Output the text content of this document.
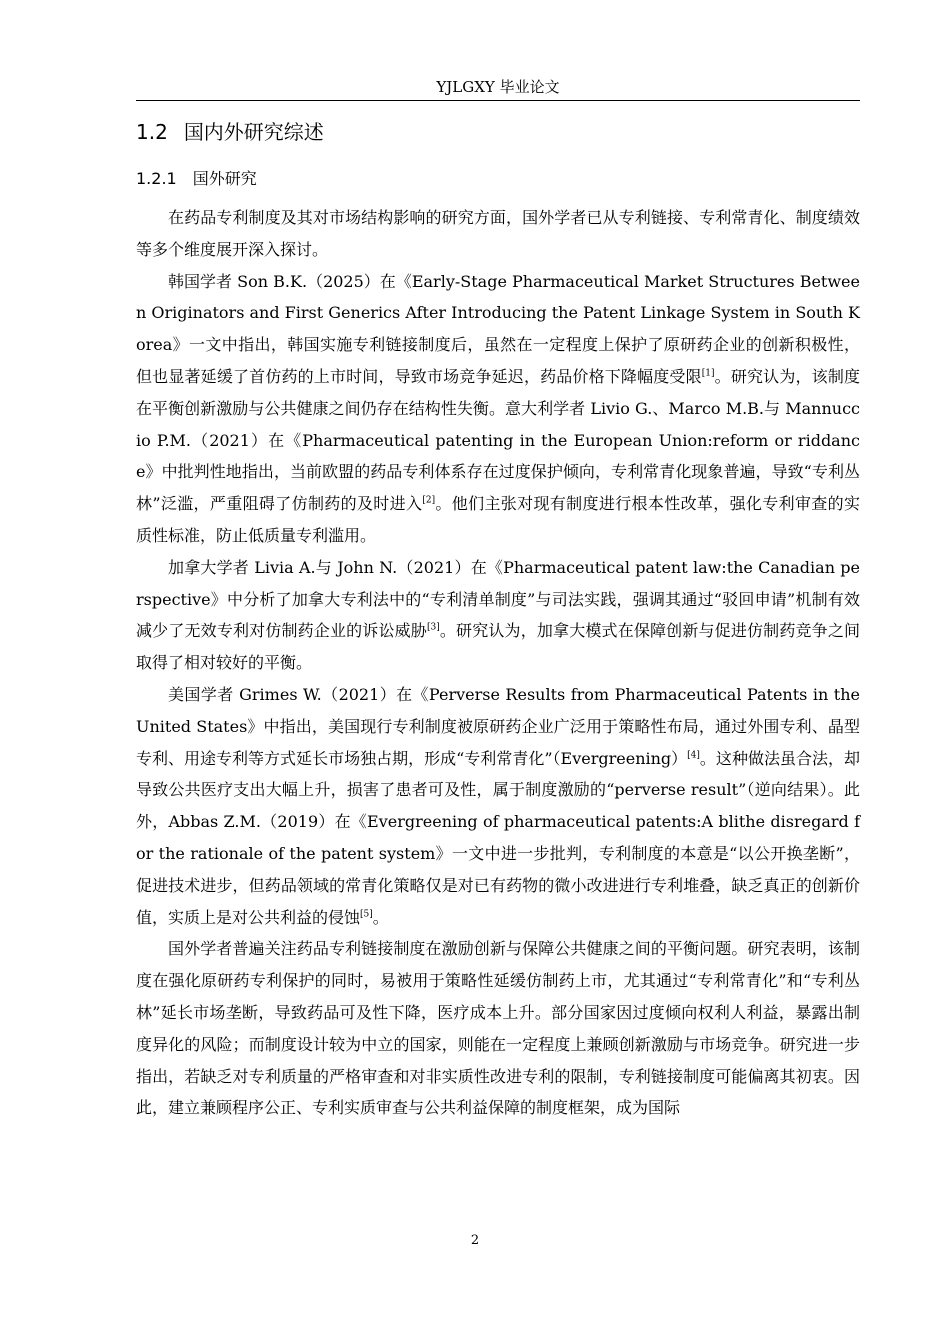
YJLGXY 毕业论文
1.2 国内外研究综述
1.2.1 国外研究

在药品专利制度及其对市场结构影响的研究方面，国外学者已从专利链接、专利常青化、制度绩效等多个维度展开深入探讨。

韩国学者 Son B.K.（2025）在《Early-Stage Pharmaceutical Market Structures Between Originators and First Generics After Introducing the Patent Linkage System in South Korea》一文中指出，韩国实施专利链接制度后，虽然在一定程度上保护了原研药企业的创新积极性，但也显著延缓了首仿药的上市时间，导致市场竞争延迟，药品价格下降幅度受限[1]。研究认为，该制度在平衡创新激励与公共健康之间仍存在结构性失衡。意大利学者 Livio G.、Marco M.B.与 Mannuccio P.M.（2021）在《Pharmaceutical patenting in the European Union:reform or riddance》中批判性地指出，当前欧盟的药品专利体系存在过度保护倾向，专利常青化现象普遍，导致“专利丛林”泛滥，严重阻碍了仿制药的及时进入[2]。他们主张对现有制度进行根本性改革，强化专利审查的实质性标准，防止低质量专利滥用。

加拿大学者 Livia A.与 John N.（2021）在《Pharmaceutical patent law:the Canadian perspective》中分析了加拿大专利法中的“专利清单制度”与司法实践，强调其通过“驳回申请”机制有效减少了无效专利对仿制药企业的诉讼威胁[3]。研究认为，加拿大模式在保障创新与促进仿制药竞争之间取得了相对较好的平衡。

美国学者 Grimes W.（2021）在《Perverse Results from Pharmaceutical Patents in the United States》中指出，美国现行专利制度被原研药企业广泛用于策略性布局，通过外围专利、晶型专利、用途专利等方式延长市场独占期，形成“专利常青化”（Evergreening）[4]。这种做法虽合法，却导致公共医疗支出大幅上升，损害了患者可及性，属于制度激励的“perverse result”（逆向结果）。此外，Abbas Z.M.（2019）在《Evergreening of pharmaceutical patents:A blithe disregard for the rationale of the patent system》一文中进一步批判，专利制度的本意是“以公开换垄断”，促进技术进步，但药品领域的常青化策略仅是对已有药物的微小改进进行专利堆叠，缺乏真正的创新价值，实质上是对公共利益的侵蚀[5]。

国外学者普遍关注药品专利链接制度在激励创新与保障公共健康之间的平衡问题。研究表明，该制度在强化原研药专利保护的同时，易被用于策略性延缓仿制药上市，尤其通过“专利常青化”和“专利丛林”延长市场垄断，导致药品可及性下降，医疗成本上升。部分国家因过度倾向权利人利益，暴露出制度异化的风险；而制度设计较为中立的国家，则能在一定程度上兼顾创新激励与市场竞争。研究进一步指出，若缺乏对专利质量的严格审查和对非实质性改进专利的限制，专利链接制度可能偏离其初衷。因此，建立兼顾程序公正、专利实质审查与公共利益保障的制度框架，成为国际

2
